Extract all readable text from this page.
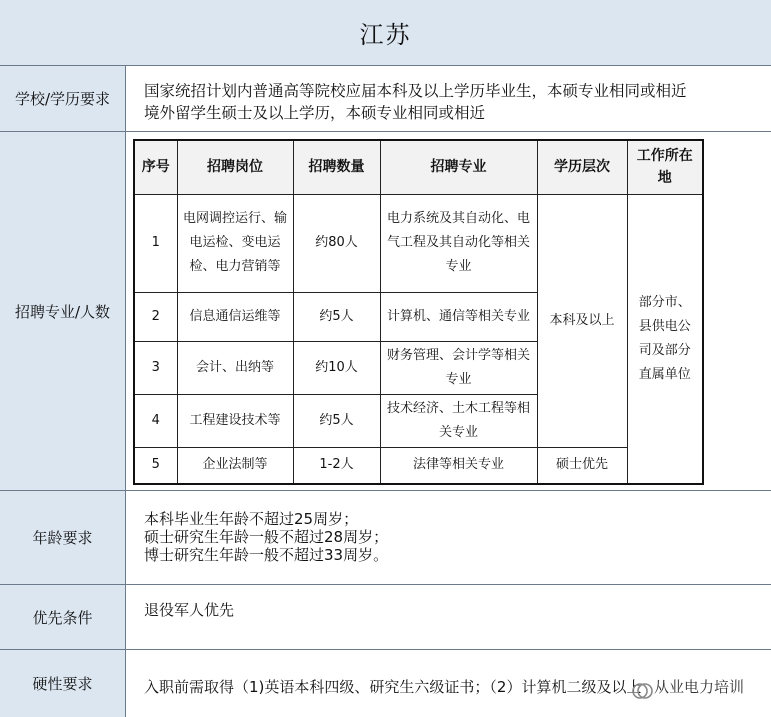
江苏
学校/学历要求	国家统招计划内普通高等院校应届本科及以上学历毕业生，本硕专业相同或相近
境外留学生硕士及以上学历，本硕专业相同或相近
招聘专业/人数
序号	招聘岗位	招聘数量	招聘专业	学历层次	工作所在地
1	电网调控运行、输电运检、变电运检、电力营销等	约80人	电力系统及其自动化、电气工程及其自动化等相关专业	本科及以上	部分市、县供电公司及部分直属单位
2	信息通信运维等	约5人	计算机、通信等相关专业		
3	会计、出纳等	约10人	财务管理、会计学等相关专业		
4	工程建设技术等	约5人	技术经济、土木工程等相关专业		
5	企业法制等	1-2人	法律等相关专业	硕士优先	
年龄要求
本科毕业生年龄不超过25周岁；
硕士研究生年龄一般不超过28周岁；
博士研究生年龄一般不超过33周岁。
优先条件	退役军人优先
硬性要求	入职前需取得（1)英语本科四级、研究生六级证书；（2）计算机二级及以上 从业电力培训
